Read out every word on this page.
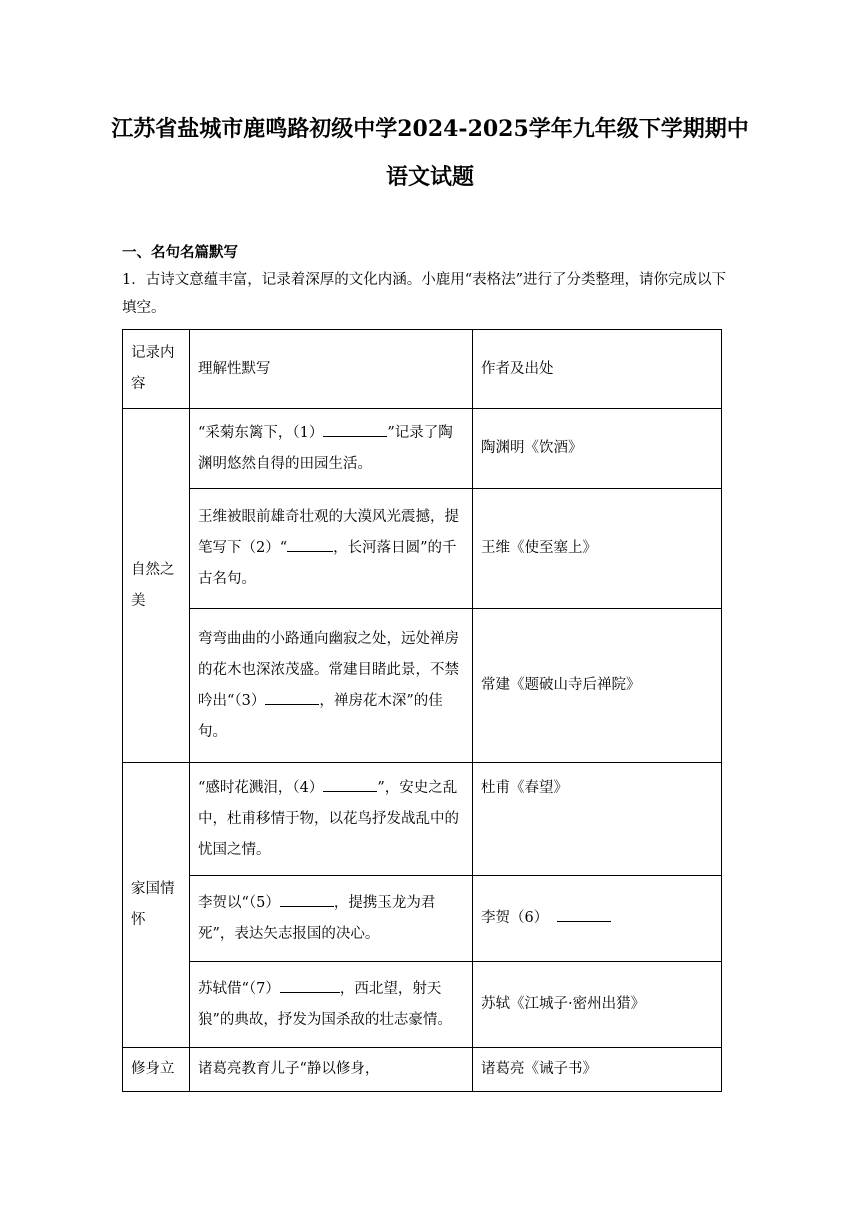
江苏省盐城市鹿鸣路初级中学2024-2025学年九年级下学期期中
语文试题
一、名句名篇默写
1．古诗文意蕴丰富，记录着深厚的文化内涵。小鹿用“表格法”进行了分类整理，请你完成以下填空。
记录内容	理解性默写	作者及出处
自然之美	“采菊东篱下，（1） ”记录了陶渊明悠然自得的田园生活。	陶渊明《饮酒》
	王维被眼前雄奇壮观的大漠风光震撼，提笔写下（2）“ ，长河落日圆”的千古名句。	王维《使至塞上》
	弯弯曲曲的小路通向幽寂之处，远处禅房的花木也深浓茂盛。常建目睹此景，不禁吟出“（3） ，禅房花木深”的佳句。	常建《题破山寺后禅院》
家国情怀	“感时花溅泪，（4） ”，安史之乱中，杜甫移情于物，以花鸟抒发战乱中的忧国之情。	杜甫《春望》
	李贺以“（5） ，提携玉龙为君死”，表达矢志报国的决心。	李贺（6）
	苏轼借“（7） ，西北望，射天狼”的典故，抒发为国杀敌的壮志豪情。	苏轼《江城子·密州出猎》
修身立	诸葛亮教育儿子“静以修身，	诸葛亮《诫子书》
